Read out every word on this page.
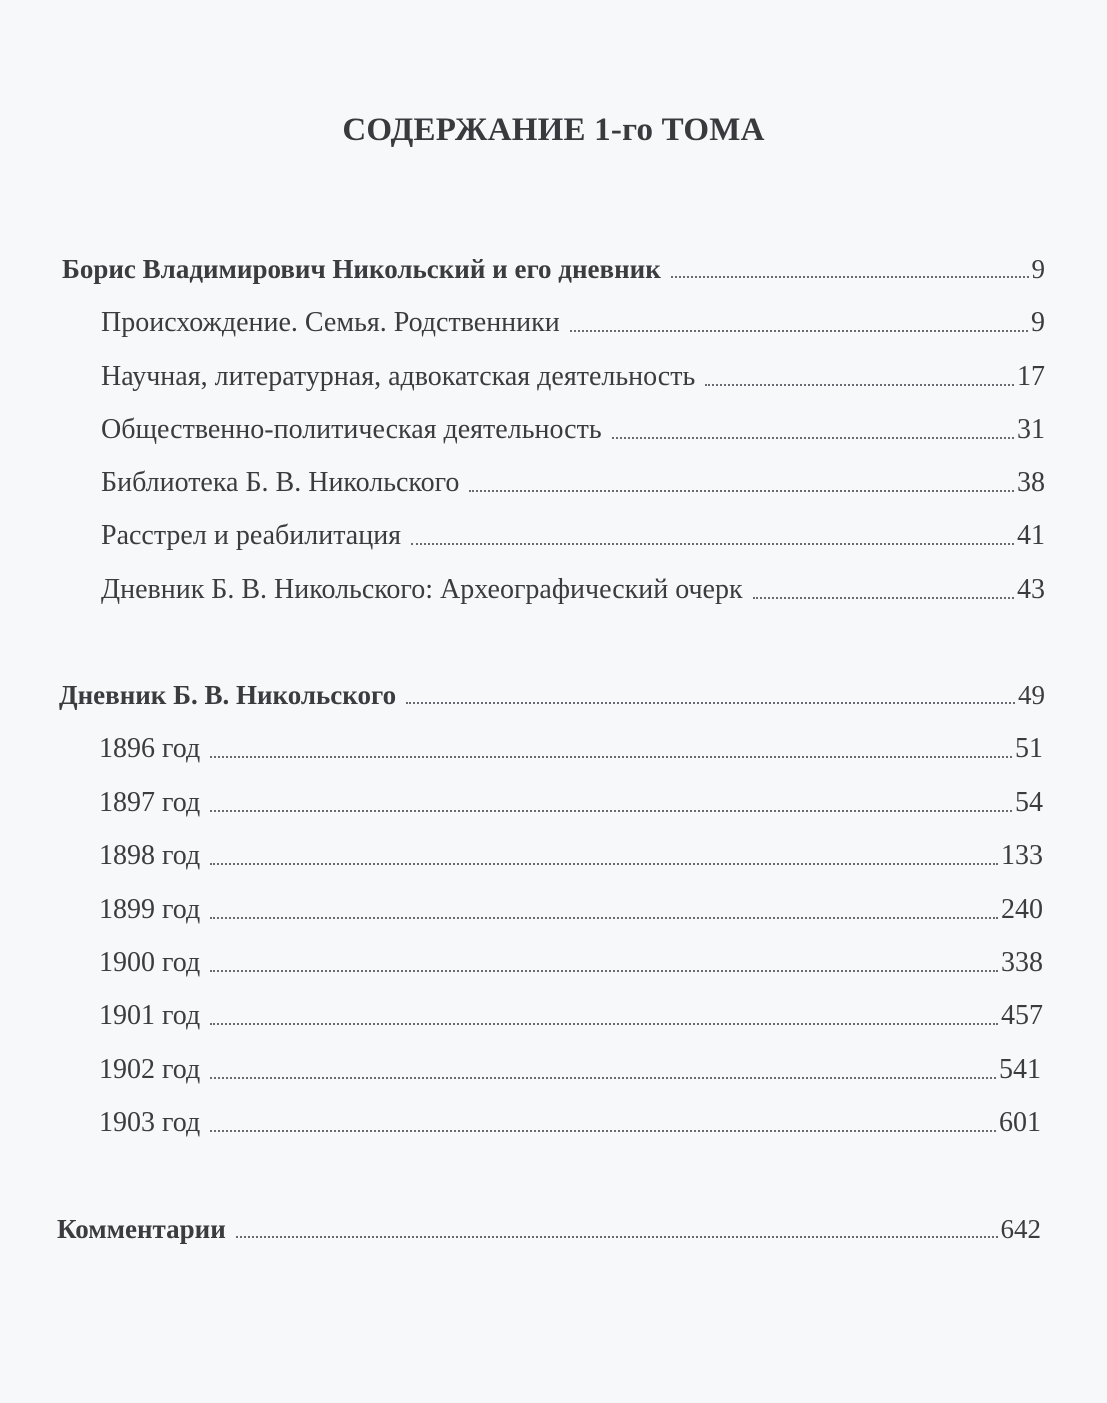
СОДЕРЖАНИЕ 1-го ТОМА
Борис Владимирович Никольский и его дневник	9
Происхождение. Семья. Родственники	9
Научная, литературная, адвокатская деятельность	17
Общественно-политическая деятельность	31
Библиотека Б. В. Никольского	38
Расстрел и реабилитация	41
Дневник Б. В. Никольского: Археографический очерк	43
Дневник Б. В. Никольского	49
1896 год	51
1897 год	54
1898 год	133
1899 год	240
1900 год	338
1901 год	457
1902 год	541
1903 год	601
Комментарии	642
